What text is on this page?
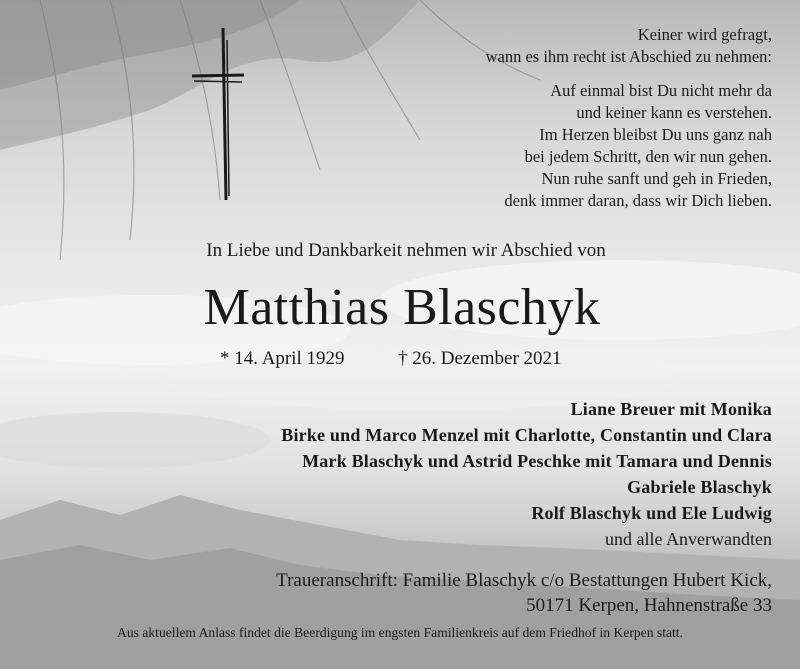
Keiner wird gefragt,
wann es ihm recht ist Abschied zu nehmen:
Auf einmal bist Du nicht mehr da
und keiner kann es verstehen.
Im Herzen bleibst Du uns ganz nah
bei jedem Schritt, den wir nun gehen.
Nun ruhe sanft und geh in Frieden,
denk immer daran, dass wir Dich lieben.
In Liebe und Dankbarkeit nehmen wir Abschied von
Matthias Blaschyk
* 14. April 1929	† 26. Dezember 2021
Liane Breuer mit Monika
Birke und Marco Menzel mit Charlotte, Constantin und Clara
Mark Blaschyk und Astrid Peschke mit Tamara und Dennis
Gabriele Blaschyk
Rolf Blaschyk und Ele Ludwig
und alle Anverwandten
Traueranschrift: Familie Blaschyk c/o Bestattungen Hubert Kick,
50171 Kerpen, Hahnenstraße 33
Aus aktuellem Anlass findet die Beerdigung im engsten Familienkreis auf dem Friedhof in Kerpen statt.
